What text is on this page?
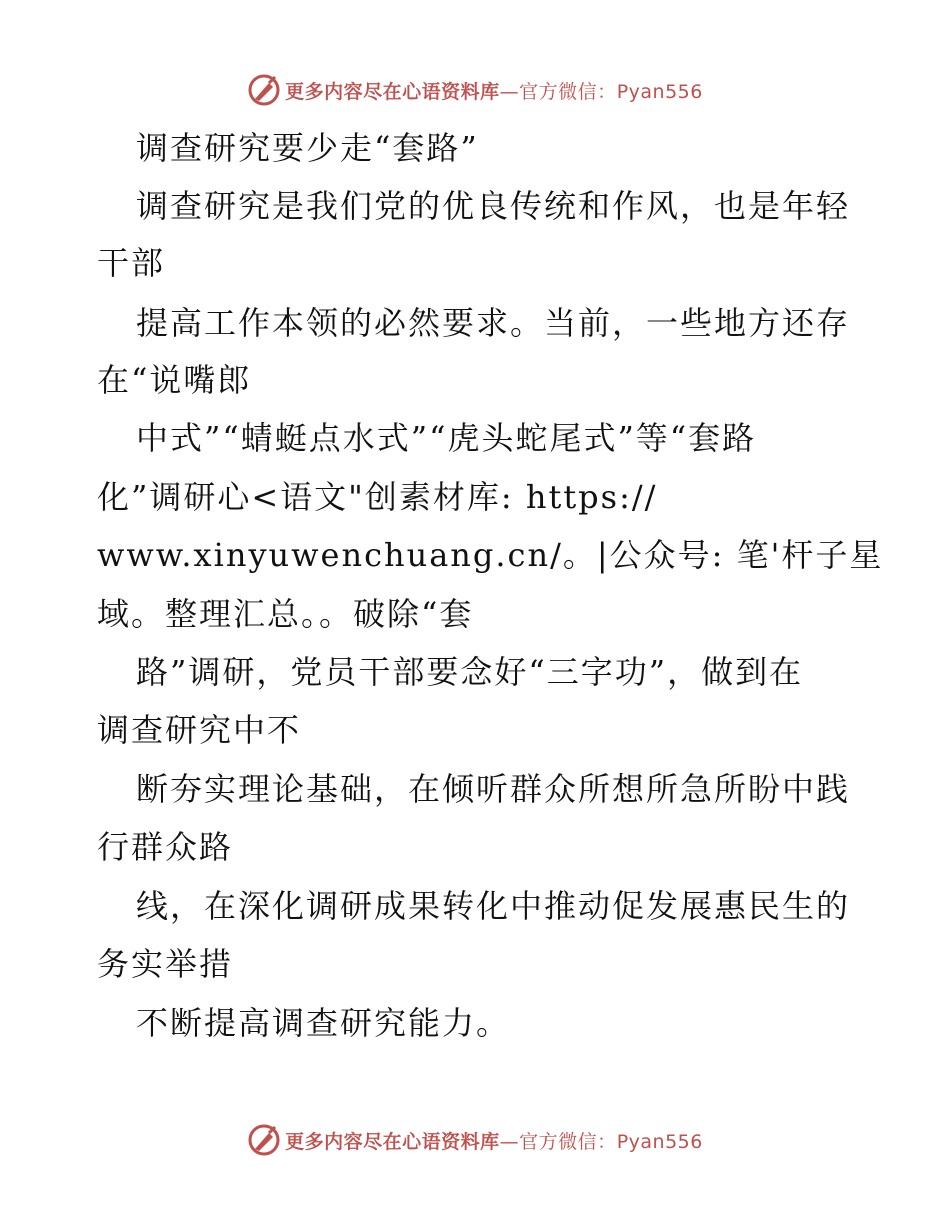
更多内容尽在心语资料库—官方微信：Pyan556
调查研究要少走“套路”
调查研究是我们党的优良传统和作风，也是年轻
干部
提高工作本领的必然要求。当前，一些地方还存
在“说嘴郎
中式”“蜻蜓点水式”“虎头蛇尾式”等“套路
化”调研心<语文"创素材库: https://
www.xinyuwenchuang.cn/。|公众号: 笔'杆子星
域。整理汇总。。破除“套
路”调研，党员干部要念好“三字功”，做到在
调查研究中不
断夯实理论基础，在倾听群众所想所急所盼中践
行群众路
线，在深化调研成果转化中推动促发展惠民生的
务实举措
不断提高调查研究能力。
更多内容尽在心语资料库—官方微信：Pyan556
